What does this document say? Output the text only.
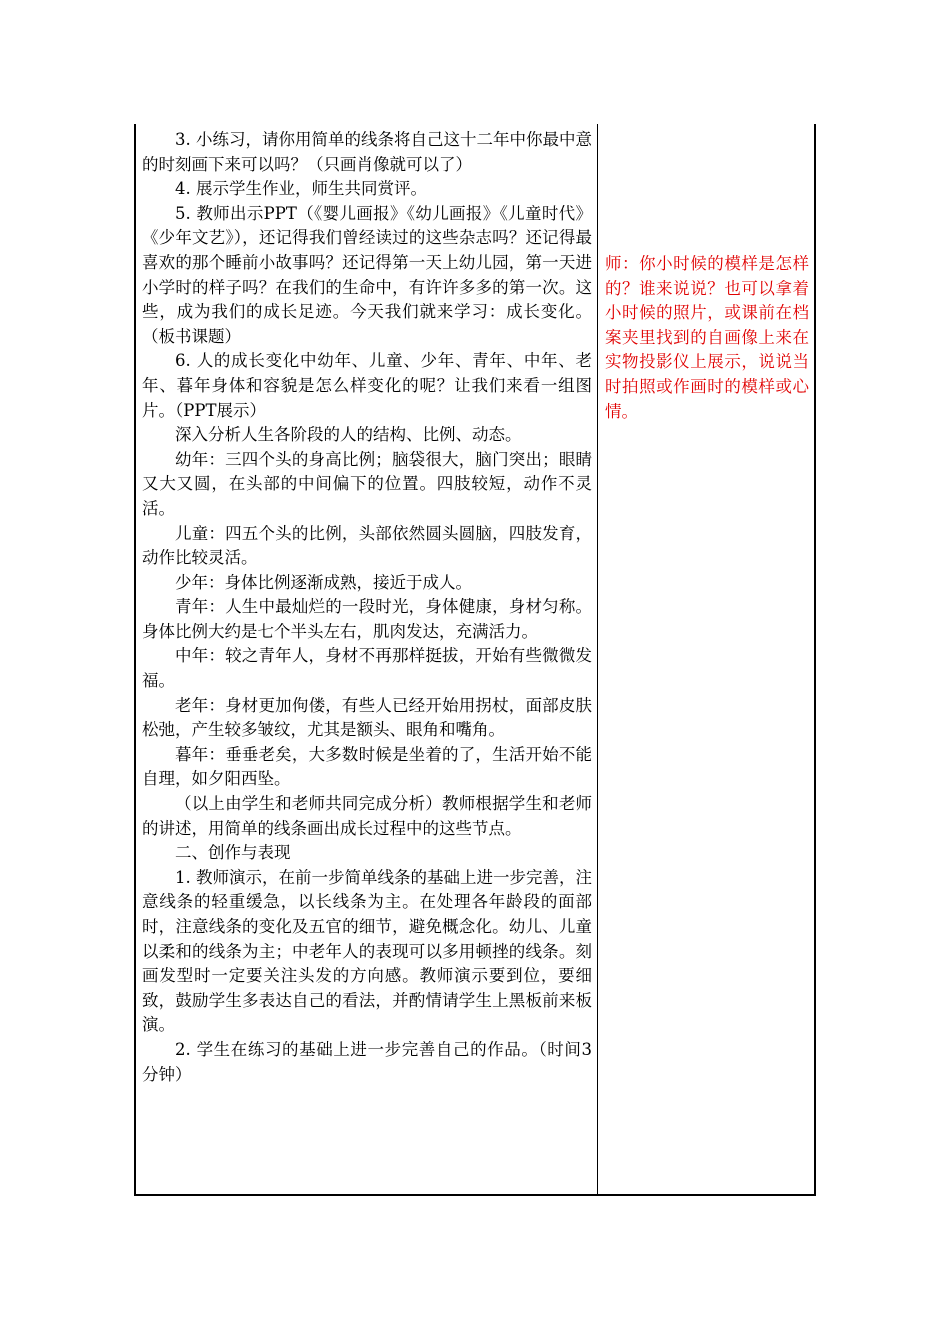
3. 小练习，请你用简单的线条将自己这十二年中你最中意的时刻画下来可以吗？（只画肖像就可以了）

4. 展示学生作业，师生共同赏评。

5. 教师出示PPT（《婴儿画报》《幼儿画报》《儿童时代》《少年文艺》），还记得我们曾经读过的这些杂志吗？还记得最喜欢的那个睡前小故事吗？还记得第一天上幼儿园，第一天进小学时的样子吗？在我们的生命中，有许许多多的第一次。这些，成为我们的成长足迹。今天我们就来学习：成长变化。（板书课题）

6. 人的成长变化中幼年、儿童、少年、青年、中年、老年、暮年身体和容貌是怎么样变化的呢？让我们来看一组图片。（PPT展示）

深入分析人生各阶段的人的结构、比例、动态。

幼年：三四个头的身高比例；脑袋很大，脑门突出；眼睛又大又圆，在头部的中间偏下的位置。四肢较短，动作不灵活。

儿童：四五个头的比例，头部依然圆头圆脑，四肢发育，动作比较灵活。

少年：身体比例逐渐成熟，接近于成人。

青年：人生中最灿烂的一段时光，身体健康，身材匀称。身体比例大约是七个半头左右，肌肉发达，充满活力。

中年：较之青年人，身材不再那样挺拔，开始有些微微发福。

老年：身材更加佝偻，有些人已经开始用拐杖，面部皮肤松弛，产生较多皱纹，尤其是额头、眼角和嘴角。

暮年：垂垂老矣，大多数时候是坐着的了，生活开始不能自理，如夕阳西坠。

（以上由学生和老师共同完成分析）教师根据学生和老师的讲述，用简单的线条画出成长过程中的这些节点。

二、创作与表现

1. 教师演示，在前一步简单线条的基础上进一步完善，注意线条的轻重缓急，以长线条为主。在处理各年龄段的面部时，注意线条的变化及五官的细节，避免概念化。幼儿、儿童以柔和的线条为主；中老年人的表现可以多用顿挫的线条。刻画发型时一定要关注头发的方向感。教师演示要到位，要细致，鼓励学生多表达自己的看法，并酌情请学生上黑板前来板演。

2. 学生在练习的基础上进一步完善自己的作品。（时间3分钟）

师：你小时候的模样是怎样的？谁来说说？也可以拿着小时候的照片，或课前在档案夹里找到的自画像上来在实物投影仪上展示，说说当时拍照或作画时的模样或心情。
